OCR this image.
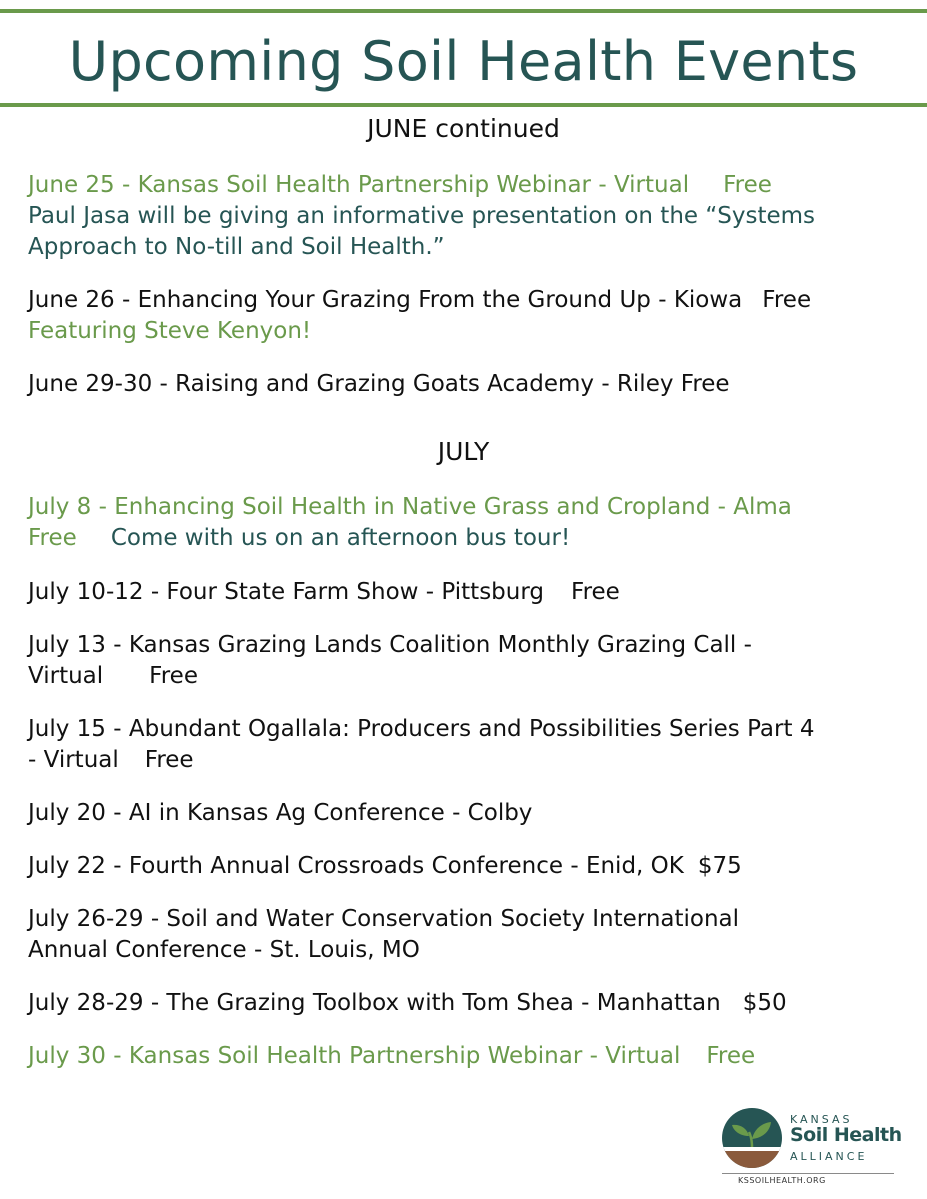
Upcoming Soil Health Events
JUNE continued
June 25 - Kansas Soil Health Partnership Webinar - Virtual Free
Paul Jasa will be giving an informative presentation on the “Systems
Approach to No-till and Soil Health.”
June 26 - Enhancing Your Grazing From the Ground Up - Kiowa Free
Featuring Steve Kenyon!
June 29-30 - Raising and Grazing Goats Academy - Riley Free
JULY
July 8 - Enhancing Soil Health in Native Grass and Cropland - Alma
Free Come with us on an afternoon bus tour!
July 10-12 - Four State Farm Show - Pittsburg Free
July 13 - Kansas Grazing Lands Coalition Monthly Grazing Call -
Virtual Free
July 15 - Abundant Ogallala: Producers and Possibilities Series Part 4
- Virtual Free
July 20 - AI in Kansas Ag Conference - Colby
July 22 - Fourth Annual Crossroads Conference - Enid, OK $75
July 26-29 - Soil and Water Conservation Society International
Annual Conference - St. Louis, MO
July 28-29 - The Grazing Toolbox with Tom Shea - Manhattan $50
July 30 - Kansas Soil Health Partnership Webinar - Virtual Free
KANSAS
Soil Health
ALLIANCE
KSSOILHEALTH.ORG
